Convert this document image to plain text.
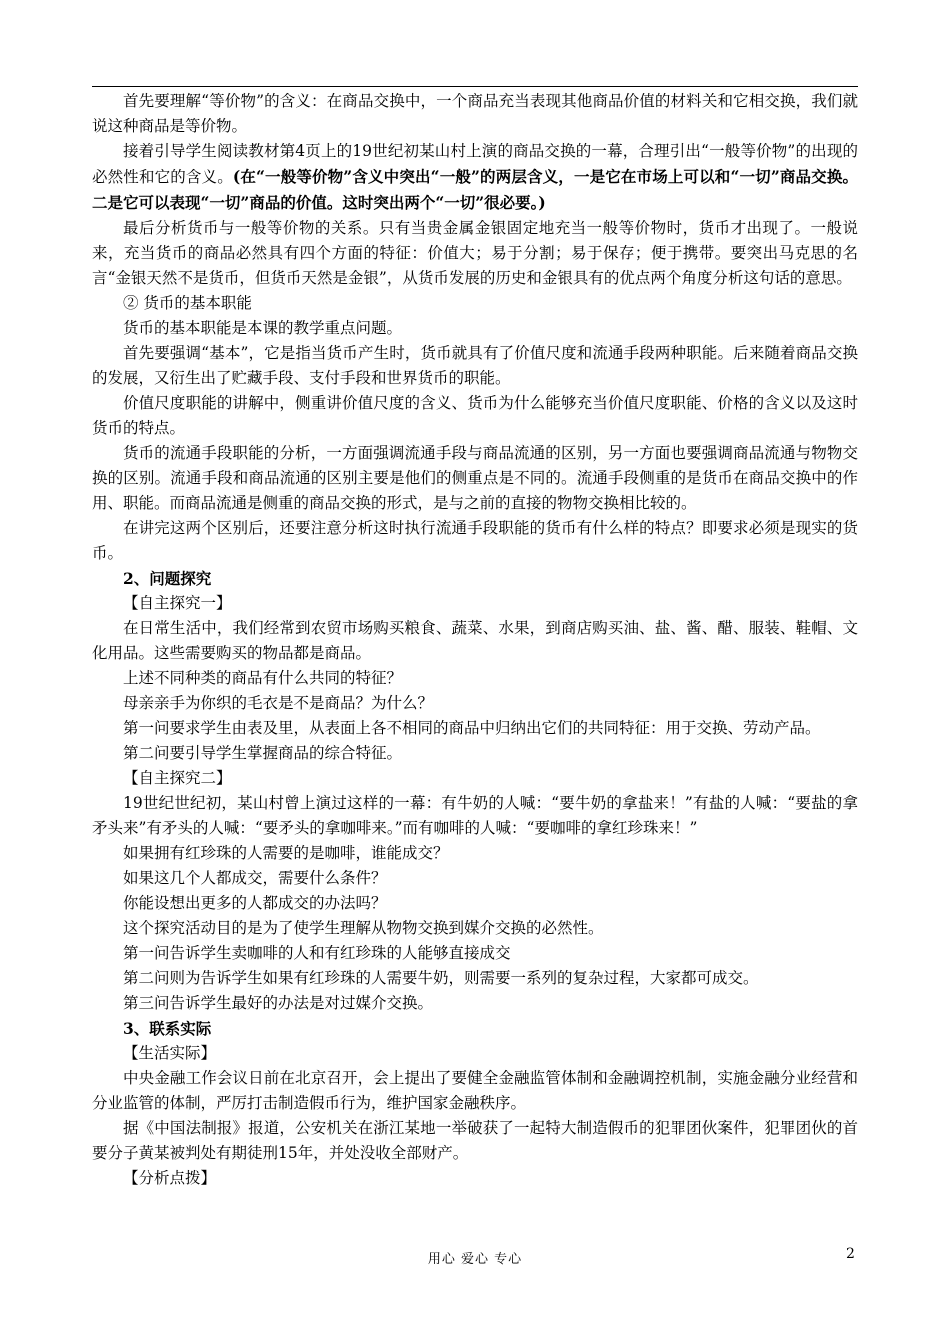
首先要理解“等价物”的含义：在商品交换中，一个商品充当表现其他商品价值的材料关和它相交换，我们就说这种商品是等价物。

接着引导学生阅读教材第4页上的19世纪初某山村上演的商品交换的一幕，合理引出“一般等价物”的出现的必然性和它的含义。(在“一般等价物”含义中突出“一般”的两层含义，一是它在市场上可以和“一切”商品交换。二是它可以表现“一切”商品的价值。这时突出两个“一切”很必要。)

最后分析货币与一般等价物的关系。只有当贵金属金银固定地充当一般等价物时，货币才出现了。一般说来，充当货币的商品必然具有四个方面的特征：价值大；易于分割；易于保存；便于携带。要突出马克思的名言“金银天然不是货币，但货币天然是金银”，从货币发展的历史和金银具有的优点两个角度分析这句话的意思。

② 货币的基本职能

货币的基本职能是本课的教学重点问题。

首先要强调“基本”，它是指当货币产生时，货币就具有了价值尺度和流通手段两种职能。后来随着商品交换的发展，又衍生出了贮藏手段、支付手段和世界货币的职能。

价值尺度职能的讲解中，侧重讲价值尺度的含义、货币为什么能够充当价值尺度职能、价格的含义以及这时货币的特点。

货币的流通手段职能的分析，一方面强调流通手段与商品流通的区别，另一方面也要强调商品流通与物物交换的区别。流通手段和商品流通的区别主要是他们的侧重点是不同的。流通手段侧重的是货币在商品交换中的作用、职能。而商品流通是侧重的商品交换的形式，是与之前的直接的物物交换相比较的。

在讲完这两个区别后，还要注意分析这时执行流通手段职能的货币有什么样的特点？即要求必须是现实的货币。

2、问题探究

【自主探究一】

在日常生活中，我们经常到农贸市场购买粮食、蔬菜、水果，到商店购买油、盐、酱、醋、服装、鞋帽、文化用品。这些需要购买的物品都是商品。

上述不同种类的商品有什么共同的特征？

母亲亲手为你织的毛衣是不是商品？为什么？

第一问要求学生由表及里，从表面上各不相同的商品中归纳出它们的共同特征：用于交换、劳动产品。

第二问要引导学生掌握商品的综合特征。

【自主探究二】

19世纪世纪初，某山村曾上演过这样的一幕：有牛奶的人喊：“要牛奶的拿盐来！”有盐的人喊：“要盐的拿矛头来”有矛头的人喊：“要矛头的拿咖啡来。”而有咖啡的人喊：“要咖啡的拿红珍珠来！”

如果拥有红珍珠的人需要的是咖啡，谁能成交？

如果这几个人都成交，需要什么条件？

你能设想出更多的人都成交的办法吗？

这个探究活动目的是为了使学生理解从物物交换到媒介交换的必然性。

第一问告诉学生卖咖啡的人和有红珍珠的人能够直接成交

第二问则为告诉学生如果有红珍珠的人需要牛奶，则需要一系列的复杂过程，大家都可成交。

第三问告诉学生最好的办法是对过媒介交换。

3、联系实际

【生活实际】

中央金融工作会议日前在北京召开，会上提出了要健全金融监管体制和金融调控机制，实施金融分业经营和分业监管的体制，严厉打击制造假币行为，维护国家金融秩序。

据《中国法制报》报道，公安机关在浙江某地一举破获了一起特大制造假币的犯罪团伙案件，犯罪团伙的首要分子黄某被判处有期徒刑15年，并处没收全部财产。

【分析点拨】

用心 爱心 专心	2
